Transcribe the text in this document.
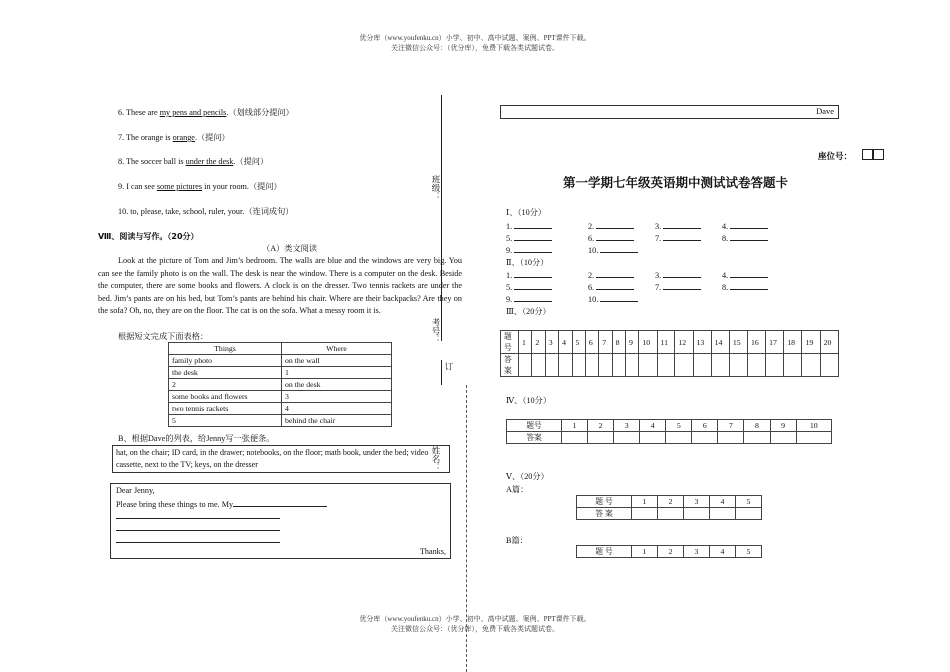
优分库（www.youfenku.cn）小学、初中、高中试题、案例、PPT课件下载。
关注微信公众号：（优分库），免费下载各类试题试卷。
优分库（www.youfenku.cn）小学、初中、高中试题、案例、PPT课件下载。
关注微信公众号：（优分库），免费下载各类试题试卷。
班级：
考号：
订
姓名：
6. These are my pens and pencils.（划线部分提问）
7. The orange is orange.（提问）
8. The soccer ball is under the desk.（提问）
9. I can see some pictures in your room.（提问）
10. to, please, take, school, ruler, your.（连词成句）
Ⅷ、阅读与写作。（20分）
（A）类文阅读
Look at the picture of Tom and Jim’s bedroom. The walls are blue and the windows are very big. You can see the family photo is on the wall. The desk is near the window. There is a computer on the desk. Beside the computer, there are some books and flowers. A clock is on the dresser. Two tennis rackets are under the bed. Jim’s pants are on his bed, but Tom’s pants are behind his chair. Where are their backpacks? Are they on the sofa? Oh, no, they are on the floor. The cat is on the sofa. What a messy room it is.
根据短文完成下面表格：
Things	Where
family photo	on the wall
the desk	1
2	on the desk
some books and flowers	3
two tennis rackets	4
5	behind the chair
B、根据Dave的列表，给Jenny写一张便条。
hat, on the chair; ID card, in the drawer; notebooks, on the floor; math book, under the bed; video cassette, next to the TV; keys, on the dresser
Dear Jenny,
Please bring these things to me. My
Thanks,
Dave
座位号：
第一学期七年级英语期中测试试卷答题卡
Ⅰ、（10分）
1.	2.	3.	4.
5.	6.	7.	8.
9.	10.
Ⅱ、（10分）
1.	2.	3.	4.
5.	6.	7.	8.
9.	10.
Ⅲ、（20分）
题号	1	2	3	4	5	6	7	8	9	10	11	12	13	14	15	16	17	18	19	20
答案																				
Ⅳ、（10分）
题号	1	2	3	4	5	6	7	8	9	10
答案										
Ⅴ、（20分）
A篇：
题 号	1	2	3	4	5
答 案					
B篇：
题 号	1	2	3	4	5
